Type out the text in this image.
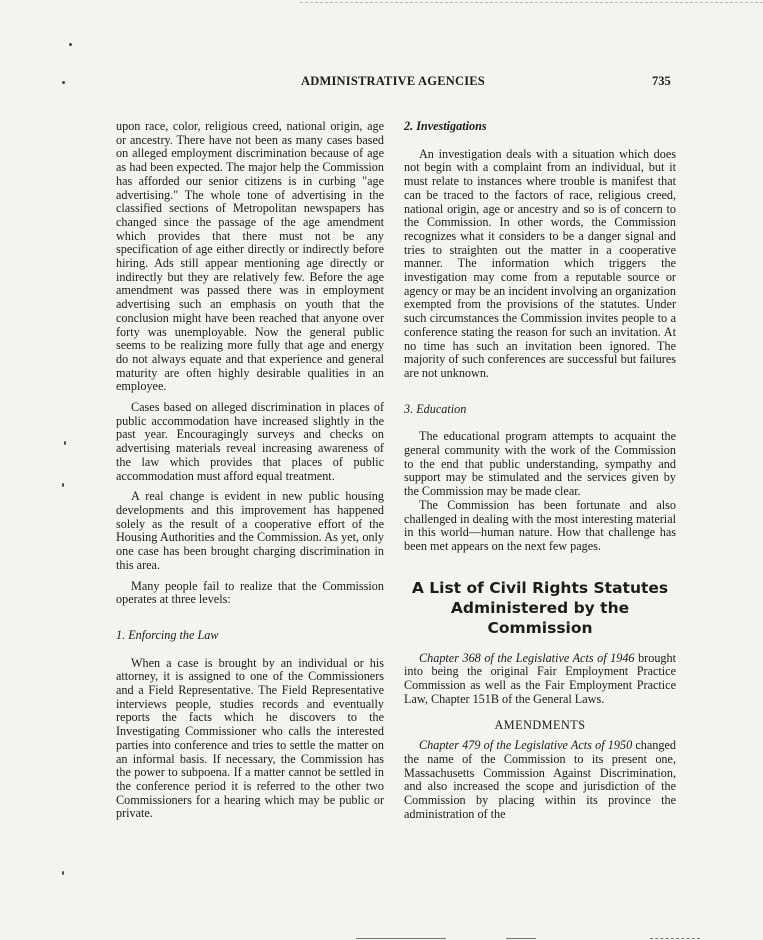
ADMINISTRATIVE AGENCIES	735

upon race, color, religious creed, national origin, age or ancestry. There have not been as many cases based on alleged employment discrimination because of age as had been expected. The major help the Commission has afforded our senior citizens is in curbing "age advertising." The whole tone of advertising in the classified sections of Metropolitan newspapers has changed since the passage of the age amendment which provides that there must not be any specification of age either directly or indirectly before hiring. Ads still appear mentioning age directly or indirectly but they are relatively few. Before the age amendment was passed there was in employment advertising such an emphasis on youth that the conclusion might have been reached that anyone over forty was unemployable. Now the general public seems to be realizing more fully that age and energy do not always equate and that experience and general maturity are often highly desirable qualities in an employee.

Cases based on alleged discrimination in places of public accommodation have increased slightly in the past year. Encouragingly surveys and checks on advertising materials reveal increasing awareness of the law which provides that places of public accommodation must afford equal treatment.

A real change is evident in new public housing developments and this improvement has happened solely as the result of a cooperative effort of the Housing Authorities and the Commission. As yet, only one case has been brought charging discrimination in this area.

Many people fail to realize that the Commission operates at three levels:

1. Enforcing the Law

When a case is brought by an individual or his attorney, it is assigned to one of the Commissioners and a Field Representative. The Field Representative interviews people, studies records and eventually reports the facts which he discovers to the Investigating Commissioner who calls the interested parties into conference and tries to settle the matter on an informal basis. If necessary, the Commission has the power to subpoena. If a matter cannot be settled in the conference period it is referred to the other two Commissioners for a hearing which may be public or private.

2. Investigations

An investigation deals with a situation which does not begin with a complaint from an individual, but it must relate to instances where trouble is manifest that can be traced to the factors of race, religious creed, national origin, age or ancestry and so is of concern to the Commission. In other words, the Commission recognizes what it considers to be a danger signal and tries to straighten out the matter in a cooperative manner. The information which triggers the investigation may come from a reputable source or agency or may be an incident involving an organization exempted from the provisions of the statutes. Under such circumstances the Commission invites people to a conference stating the reason for such an invitation. At no time has such an invitation been ignored. The majority of such conferences are successful but failures are not unknown.

3. Education

The educational program attempts to acquaint the general community with the work of the Commission to the end that public understanding, sympathy and support may be stimulated and the services given by the Commission may be made clear.

The Commission has been fortunate and also challenged in dealing with the most interesting material in this world—human nature. How that challenge has been met appears on the next few pages.

A List of Civil Rights Statutes
Administered by the Commission

Chapter 368 of the Legislative Acts of 1946 brought into being the original Fair Employment Practice Commission as well as the Fair Employment Practice Law, Chapter 151B of the General Laws.

AMENDMENTS

Chapter 479 of the Legislative Acts of 1950 changed the name of the Commission to its present one, Massachusetts Commission Against Discrimination, and also increased the scope and jurisdiction of the Commission by placing within its province the administration of the
